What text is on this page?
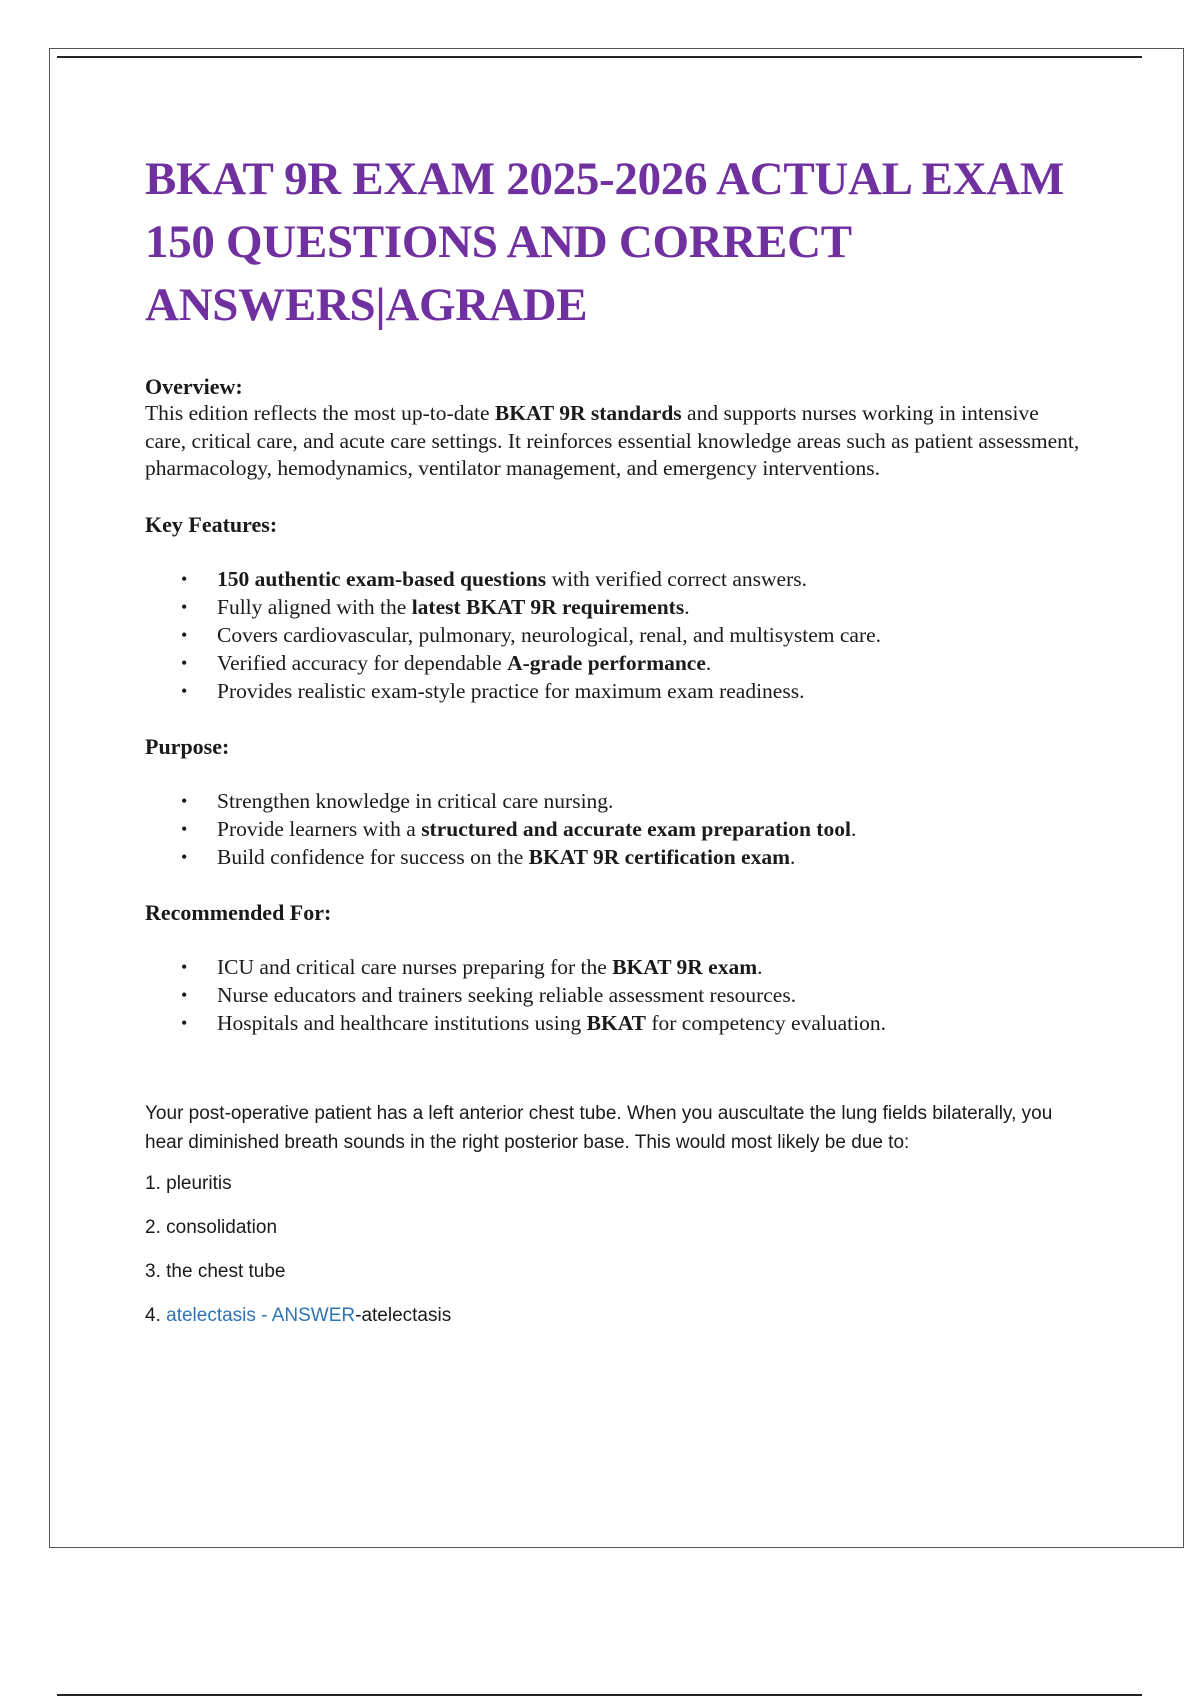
BKAT 9R EXAM 2025-2026 ACTUAL EXAM 150 QUESTIONS AND CORRECT ANSWERS|AGRADE

Overview:

This edition reflects the most up-to-date BKAT 9R standards and supports nurses working in intensive care, critical care, and acute care settings. It reinforces essential knowledge areas such as patient assessment, pharmacology, hemodynamics, ventilator management, and emergency interventions.

Key Features:

• 150 authentic exam-based questions with verified correct answers.
• Fully aligned with the latest BKAT 9R requirements.
• Covers cardiovascular, pulmonary, neurological, renal, and multisystem care.
• Verified accuracy for dependable A-grade performance.
• Provides realistic exam-style practice for maximum exam readiness.

Purpose:

• Strengthen knowledge in critical care nursing.
• Provide learners with a structured and accurate exam preparation tool.
• Build confidence for success on the BKAT 9R certification exam.

Recommended For:

• ICU and critical care nurses preparing for the BKAT 9R exam.
• Nurse educators and trainers seeking reliable assessment resources.
• Hospitals and healthcare institutions using BKAT for competency evaluation.

Your post-operative patient has a left anterior chest tube. When you auscultate the lung fields bilaterally, you hear diminished breath sounds in the right posterior base. This would most likely be due to:

1. pleuritis

2. consolidation

3. the chest tube

4. atelectasis - ANSWER-atelectasis
